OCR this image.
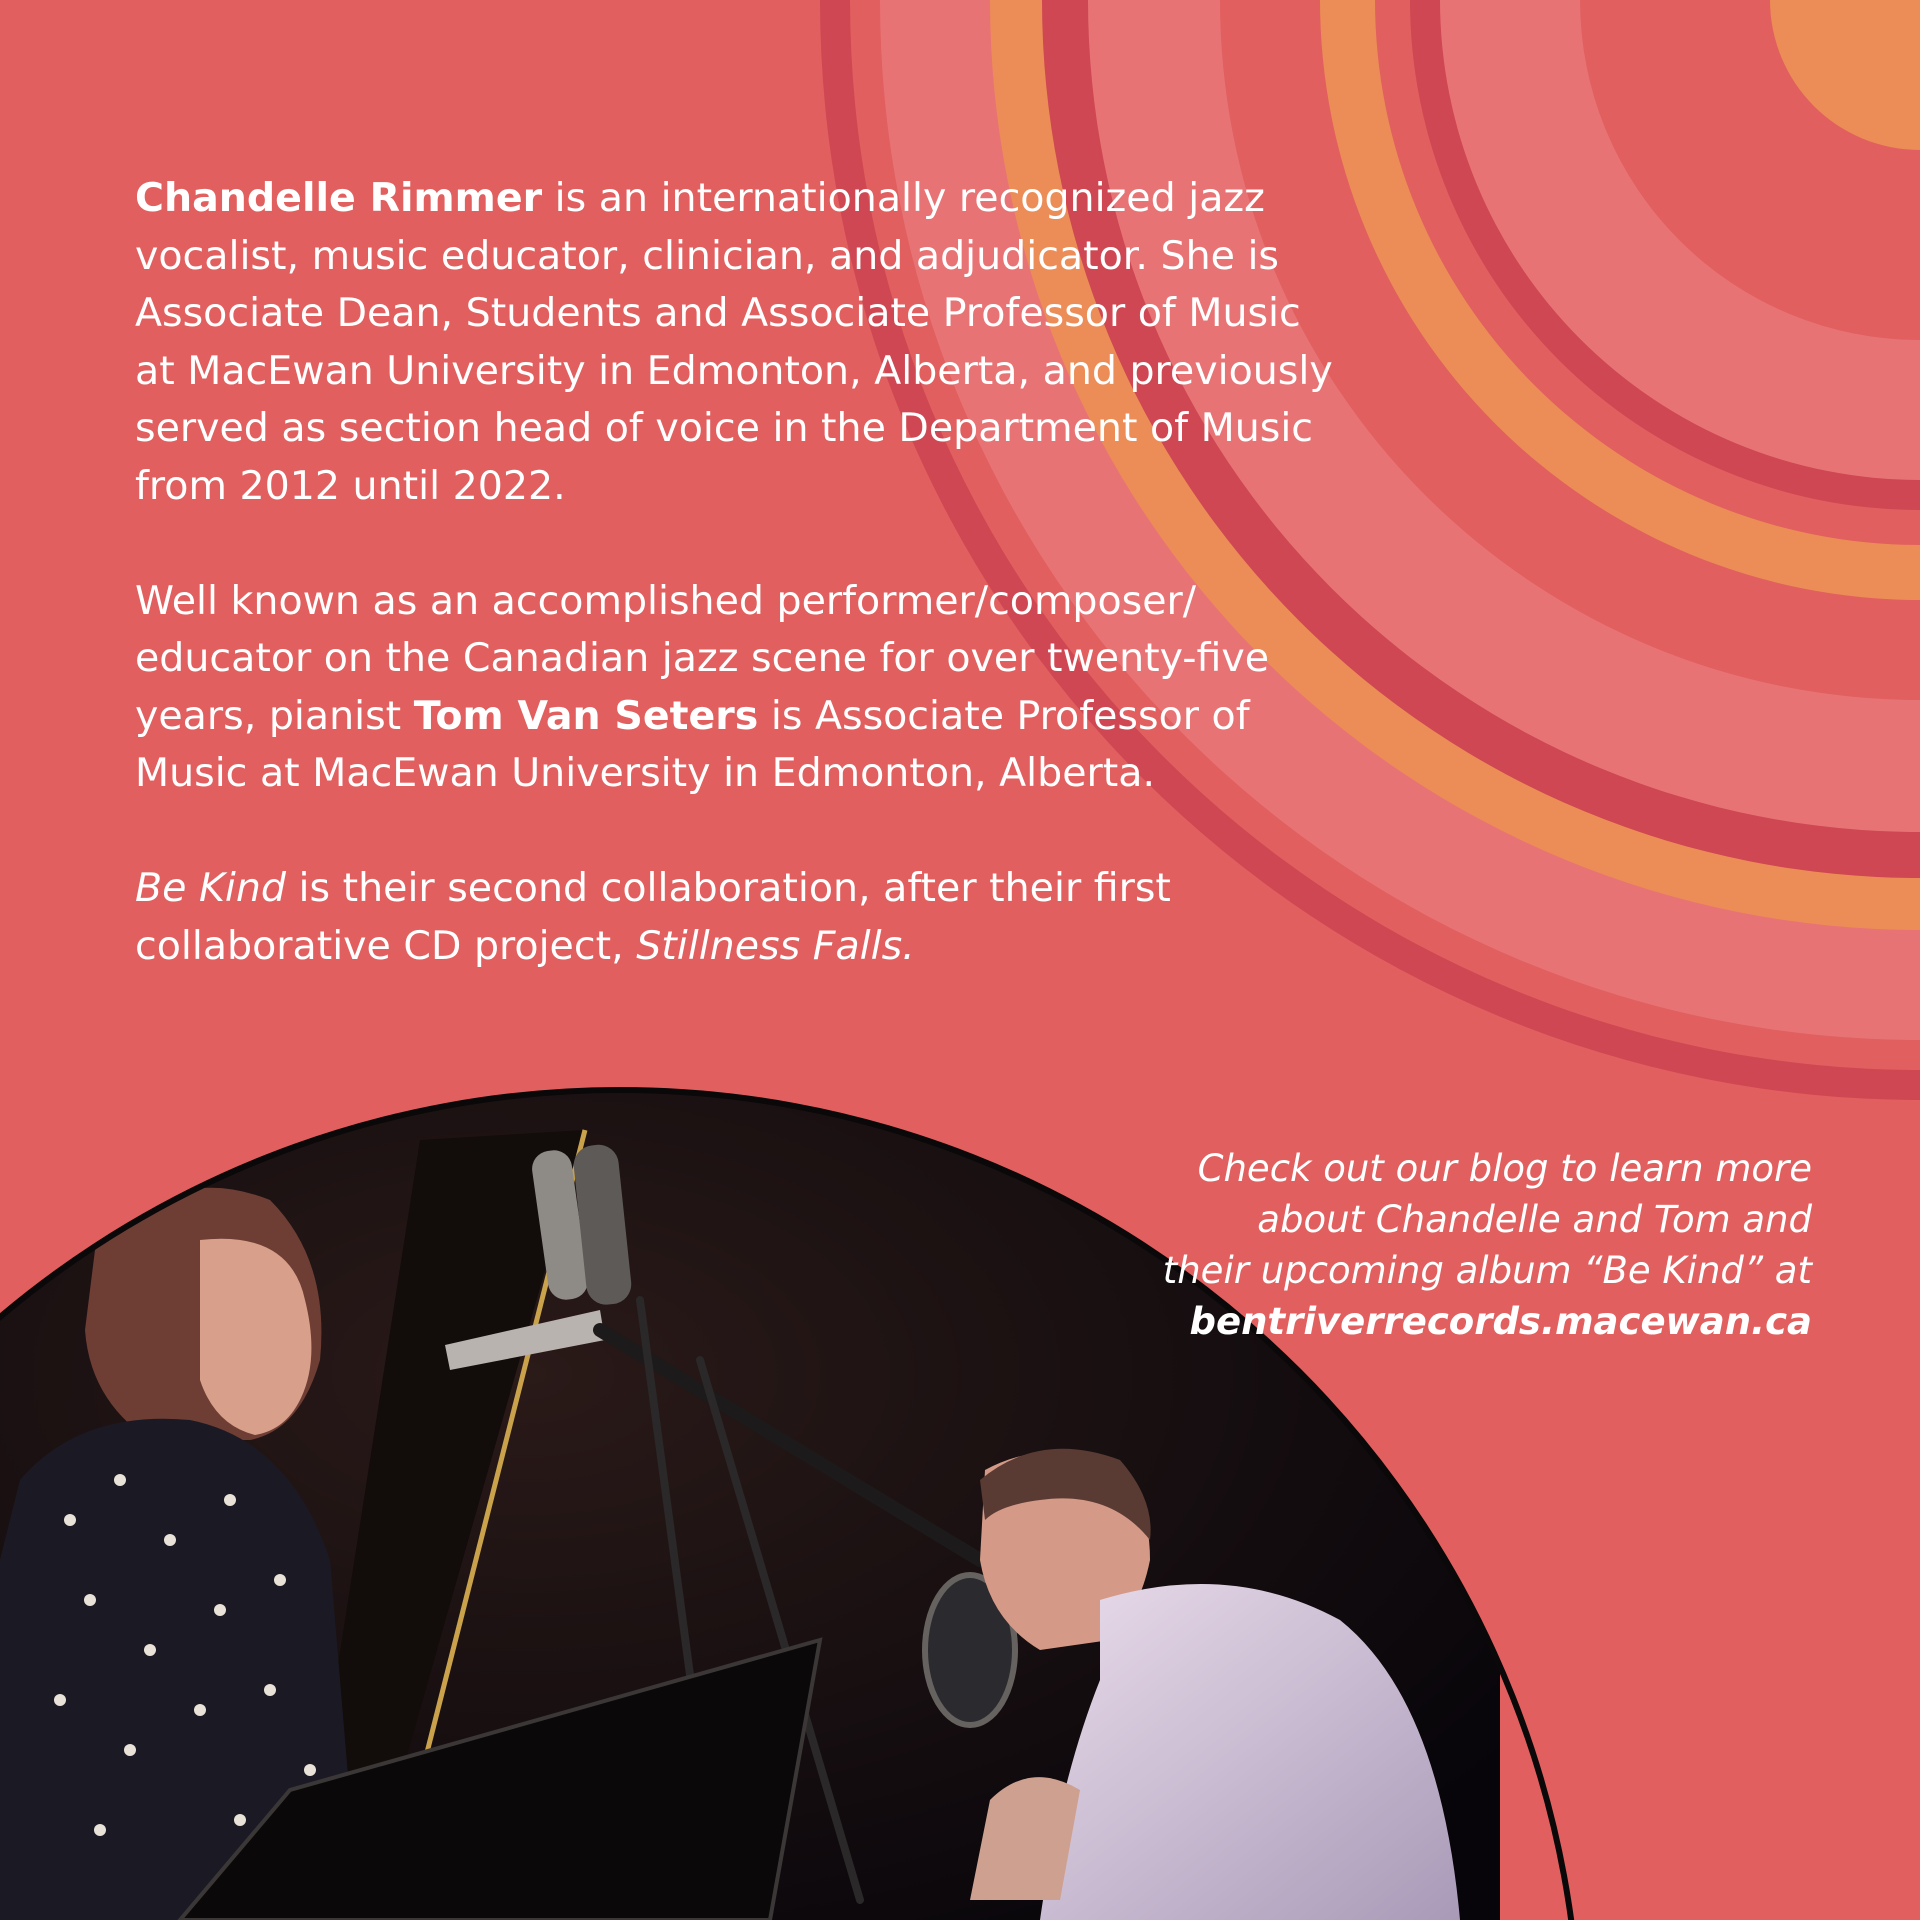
Chandelle Rimmer is an internationally recognized jazz
vocalist, music educator, clinician, and adjudicator. She is
Associate Dean, Students and Associate Professor of Music
at MacEwan University in Edmonton, Alberta, and previously
served as section head of voice in the Department of Music
from 2012 until 2022.

Well known as an accomplished performer/composer/
educator on the Canadian jazz scene for over twenty-five
years, pianist Tom Van Seters is Associate Professor of
Music at MacEwan University in Edmonton, Alberta.

Be Kind is their second collaboration, after their first
collaborative CD project, Stillness Falls.

Check out our blog to learn more
about Chandelle and Tom and
their upcoming album “Be Kind” at
bentriverrecords.macewan.ca
